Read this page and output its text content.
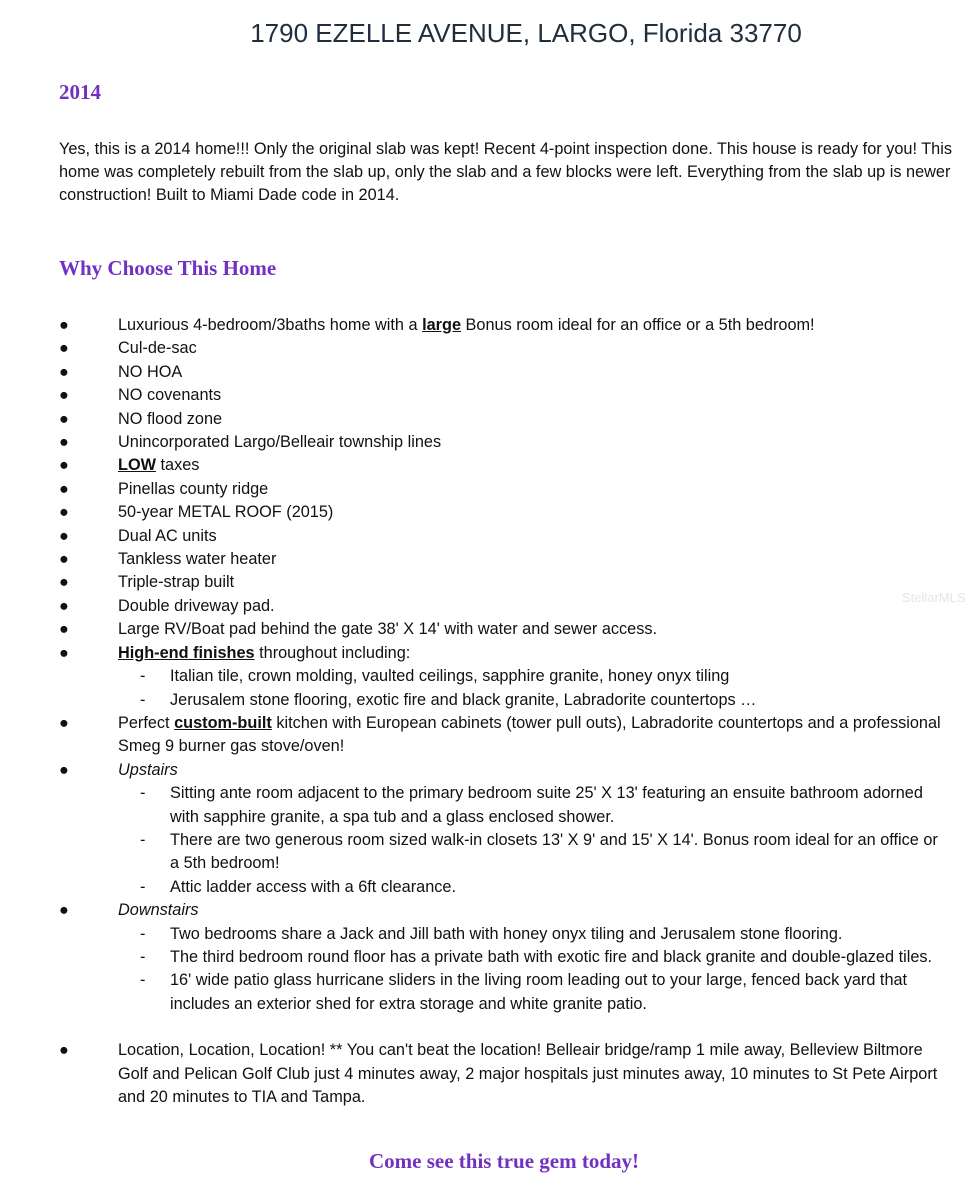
1790 EZELLE AVENUE, LARGO, Florida 33770
2014

Yes, this is a 2014 home!!! Only the original slab was kept! Recent 4-point inspection done. This house is ready for you! This home was completely rebuilt from the slab up, only the slab and a few blocks were left. Everything from the slab up is newer construction! Built to Miami Dade code in 2014.

Why Choose This Home
●	Luxurious 4-bedroom/3baths home with a large Bonus room ideal for an office or a 5th bedroom!
●	Cul-de-sac
●	NO HOA
●	NO covenants
●	NO flood zone
●	Unincorporated Largo/Belleair township lines
●	LOW taxes
●	Pinellas county ridge
●	50-year METAL ROOF (2015)
●	Dual AC units
●	Tankless water heater
●	Triple-strap built
●	Double driveway pad.
●	Large RV/Boat pad behind the gate 38' X 14' with water and sewer access.
●	High-end finishes throughout including:
- Italian tile, crown molding, vaulted ceilings, sapphire granite, honey onyx tiling
- Jerusalem stone flooring, exotic fire and black granite, Labradorite countertops …
●	Perfect custom-built kitchen with European cabinets (tower pull outs), Labradorite countertops and a professional Smeg 9 burner gas stove/oven!
●	Upstairs
- Sitting ante room adjacent to the primary bedroom suite 25' X 13' featuring an ensuite bathroom adorned with sapphire granite, a spa tub and a glass enclosed shower.
- There are two generous room sized walk-in closets 13' X 9' and 15' X 14'. Bonus room ideal for an office or a 5th bedroom!
- Attic ladder access with a 6ft clearance.
●	Downstairs
- Two bedrooms share a Jack and Jill bath with honey onyx tiling and Jerusalem stone flooring.
- The third bedroom round floor has a private bath with exotic fire and black granite and double-glazed tiles.
- 16' wide patio glass hurricane sliders in the living room leading out to your large, fenced back yard that includes an exterior shed for extra storage and white granite patio.
●	Location, Location, Location! ** You can't beat the location! Belleair bridge/ramp 1 mile away, Belleview Biltmore Golf and Pelican Golf Club just 4 minutes away, 2 major hospitals just minutes away, 10 minutes to St Pete Airport and 20 minutes to TIA and Tampa.
StellarMLS
Come see this true gem today!
